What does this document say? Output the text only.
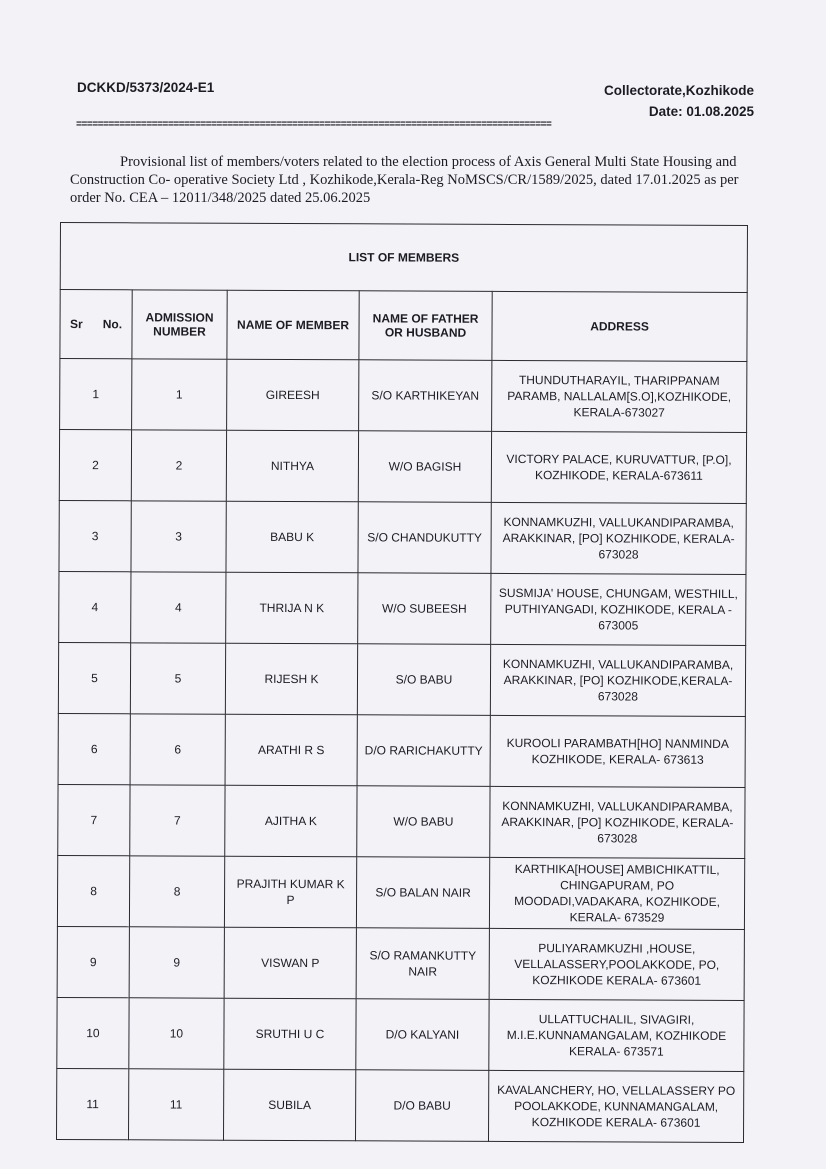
DCKKD/5373/2024-E1	Collectorate,Kozhikode
Date: 01.08.2025
========================================================================================
Provisional list of members/voters related to the election process of Axis General Multi State Housing and Construction Co- operative Society Ltd , Kozhikode,Kerala-Reg NoMSCS/CR/1589/2025, dated 17.01.2025 as per order No. CEA – 12011/348/2025 dated 25.06.2025
LIST OF MEMBERS				
Sr      No.	ADMISSION NUMBER	NAME OF MEMBER	NAME OF FATHER OR HUSBAND	ADDRESS
1	1	GIREESH	S/O KARTHIKEYAN	THUNDUTHARAYIL, THARIPPANAM PARAMB, NALLALAM[S.O],KOZHIKODE, KERALA-673027
2	2	NITHYA	W/O BAGISH	VICTORY PALACE, KURUVATTUR, [P.O], KOZHIKODE, KERALA-673611
3	3	BABU K	S/O CHANDUKUTTY	KONNAMKUZHI, VALLUKANDIPARAMBA, ARAKKINAR, [PO] KOZHIKODE, KERALA-673028
4	4	THRIJA N K	W/O SUBEESH	SUSMIJA' HOUSE, CHUNGAM, WESTHILL, PUTHIYANGADI, KOZHIKODE, KERALA - 673005
5	5	RIJESH K	S/O BABU	KONNAMKUZHI, VALLUKANDIPARAMBA, ARAKKINAR, [PO] KOZHIKODE,KERALA-673028
6	6	ARATHI R S	D/O RARICHAKUTTY	KUROOLI PARAMBATH[HO] NANMINDA KOZHIKODE, KERALA- 673613
7	7	AJITHA K	W/O BABU	KONNAMKUZHI, VALLUKANDIPARAMBA, ARAKKINAR, [PO] KOZHIKODE, KERALA-673028
8	8	PRAJITH KUMAR K P	S/O BALAN NAIR	KARTHIKA[HOUSE] AMBICHIKATTIL, CHINGAPURAM, PO MOODADI,VADAKARA, KOZHIKODE, KERALA- 673529
9	9	VISWAN P	S/O RAMANKUTTY NAIR	PULIYARAMKUZHI ,HOUSE, VELLALASSERY,POOLAKKODE, PO, KOZHIKODE KERALA- 673601
10	10	SRUTHI U C	D/O KALYANI	ULLATTUCHALIL, SIVAGIRI, M.I.E.KUNNAMANGALAM, KOZHIKODE KERALA- 673571
11	11	SUBILA	D/O BABU	KAVALANCHERY, HO, VELLALASSERY PO POOLAKKODE, KUNNAMANGALAM, KOZHIKODE KERALA- 673601
